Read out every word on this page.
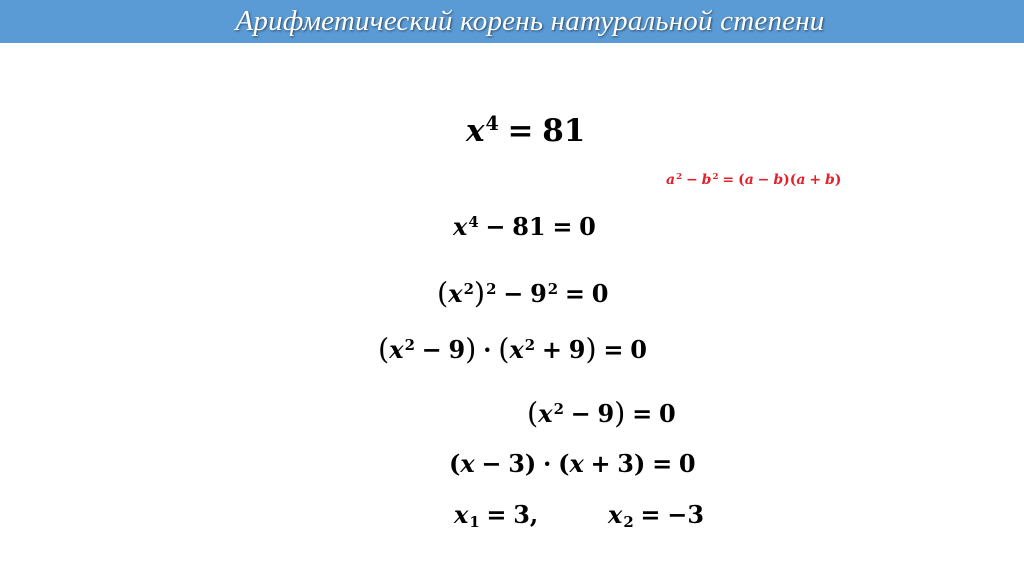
Арифметический корень натуральной степени
$x^4 = 81$
$a^2 - b^2 = (a - b)(a + b)$
$x^4 - 81 = 0$
$(x^2)^2 - 9^2 = 0$
$(x^2 - 9) \cdot (x^2 + 9) = 0$
$(x^2 - 9) = 0$
(x − 3) · (x + 3) = 0
x1 = 3,	x2 = −3
